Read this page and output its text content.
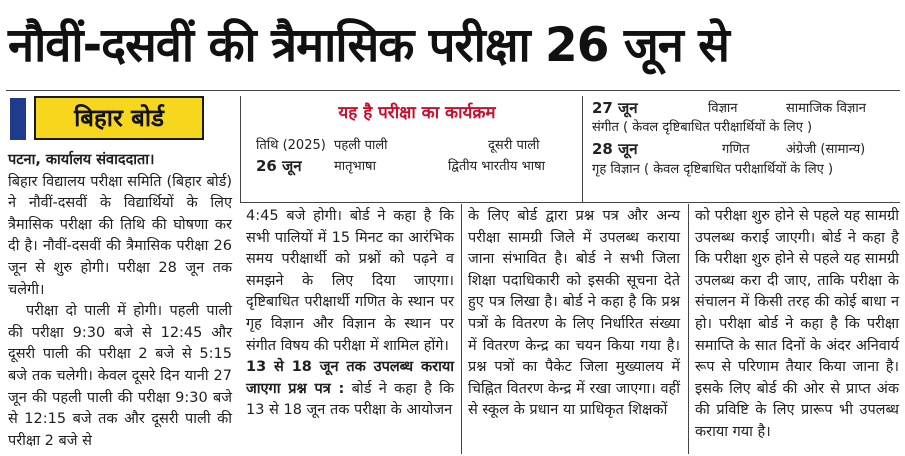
नौवीं-दसवीं की त्रैमासिक परीक्षा 26 जून से
बिहार बोर्ड	यह है परीक्षा का कार्यक्रम
तिथि (2025) पहली पाली	दूसरी पाली
26 जून मातृभाषा	द्वितीय भारतीय भाषा
27 जून	विज्ञान	सामाजिक विज्ञान
संगीत ( केवल दृष्टिबाधित परीक्षार्थियों के लिए )
28 जून	गणित	अंग्रेजी (सामान्य)
गृह विज्ञान ( केवल दृष्टिबाधित परीक्षार्थियों के लिए )

पटना, कार्यालय संवाददाता।

बिहार विद्यालय परीक्षा समिति (बिहार बोर्ड) ने नौवीं-दसवीं के विद्यार्थियों के लिए त्रैमासिक परीक्षा की तिथि की घोषणा कर दी है। नौवीं-दसवीं की त्रैमासिक परीक्षा 26 जून से शुरु होगी। परीक्षा 28 जून तक चलेगी।

परीक्षा दो पाली में होगी। पहली पाली की परीक्षा 9:30 बजे से 12:45 और दूसरी पाली की परीक्षा 2 बजे से 5:15 बजे तक चलेगी। केवल दूसरे दिन यानी 27 जून की पहली पाली की परीक्षा 9:30 बजे से 12:15 बजे तक और दूसरी पाली की परीक्षा 2 बजे से

4:45 बजे होगी। बोर्ड ने कहा है कि सभी पालियों में 15 मिनट का आरंभिक समय परीक्षार्थी को प्रश्नों को पढ़ने व समझने के लिए दिया जाएगा। दृष्टिबाधित परीक्षार्थी गणित के स्थान पर गृह विज्ञान और विज्ञान के स्थान पर संगीत विषय की परीक्षा में शामिल होंगे।

13 से 18 जून तक उपलब्ध कराया जाएगा प्रश्न पत्र : बोर्ड ने कहा है कि 13 से 18 जून तक परीक्षा के आयोजन

के लिए बोर्ड द्वारा प्रश्न पत्र और अन्य परीक्षा सामग्री जिले में उपलब्ध कराया जाना संभावित है। बोर्ड ने सभी जिला शिक्षा पदाधिकारी को इसकी सूचना देते हुए पत्र लिखा है। बोर्ड ने कहा है कि प्रश्न पत्रों के वितरण के लिए निर्धारित संख्या में वितरण केन्द्र का चयन किया गया है। प्रश्न पत्रों का पैकेट जिला मुख्यालय में चिह्नित वितरण केन्द्र में रखा जाएगा। वहीं से स्कूल के प्रधान या प्राधिकृत शिक्षकों

को परीक्षा शुरु होने से पहले यह सामग्री उपलब्ध कराई जाएगी। बोर्ड ने कहा है कि परीक्षा शुरु होने से पहले यह सामग्री उपलब्ध करा दी जाए, ताकि परीक्षा के संचालन में किसी तरह की कोई बाधा न हो। परीक्षा बोर्ड ने कहा है कि परीक्षा समाप्ति के सात दिनों के अंदर अनिवार्य रूप से परिणाम तैयार किया जाना है। इसके लिए बोर्ड की ओर से प्राप्त अंक की प्रविष्टि के लिए प्रारूप भी उपलब्ध कराया गया है।
